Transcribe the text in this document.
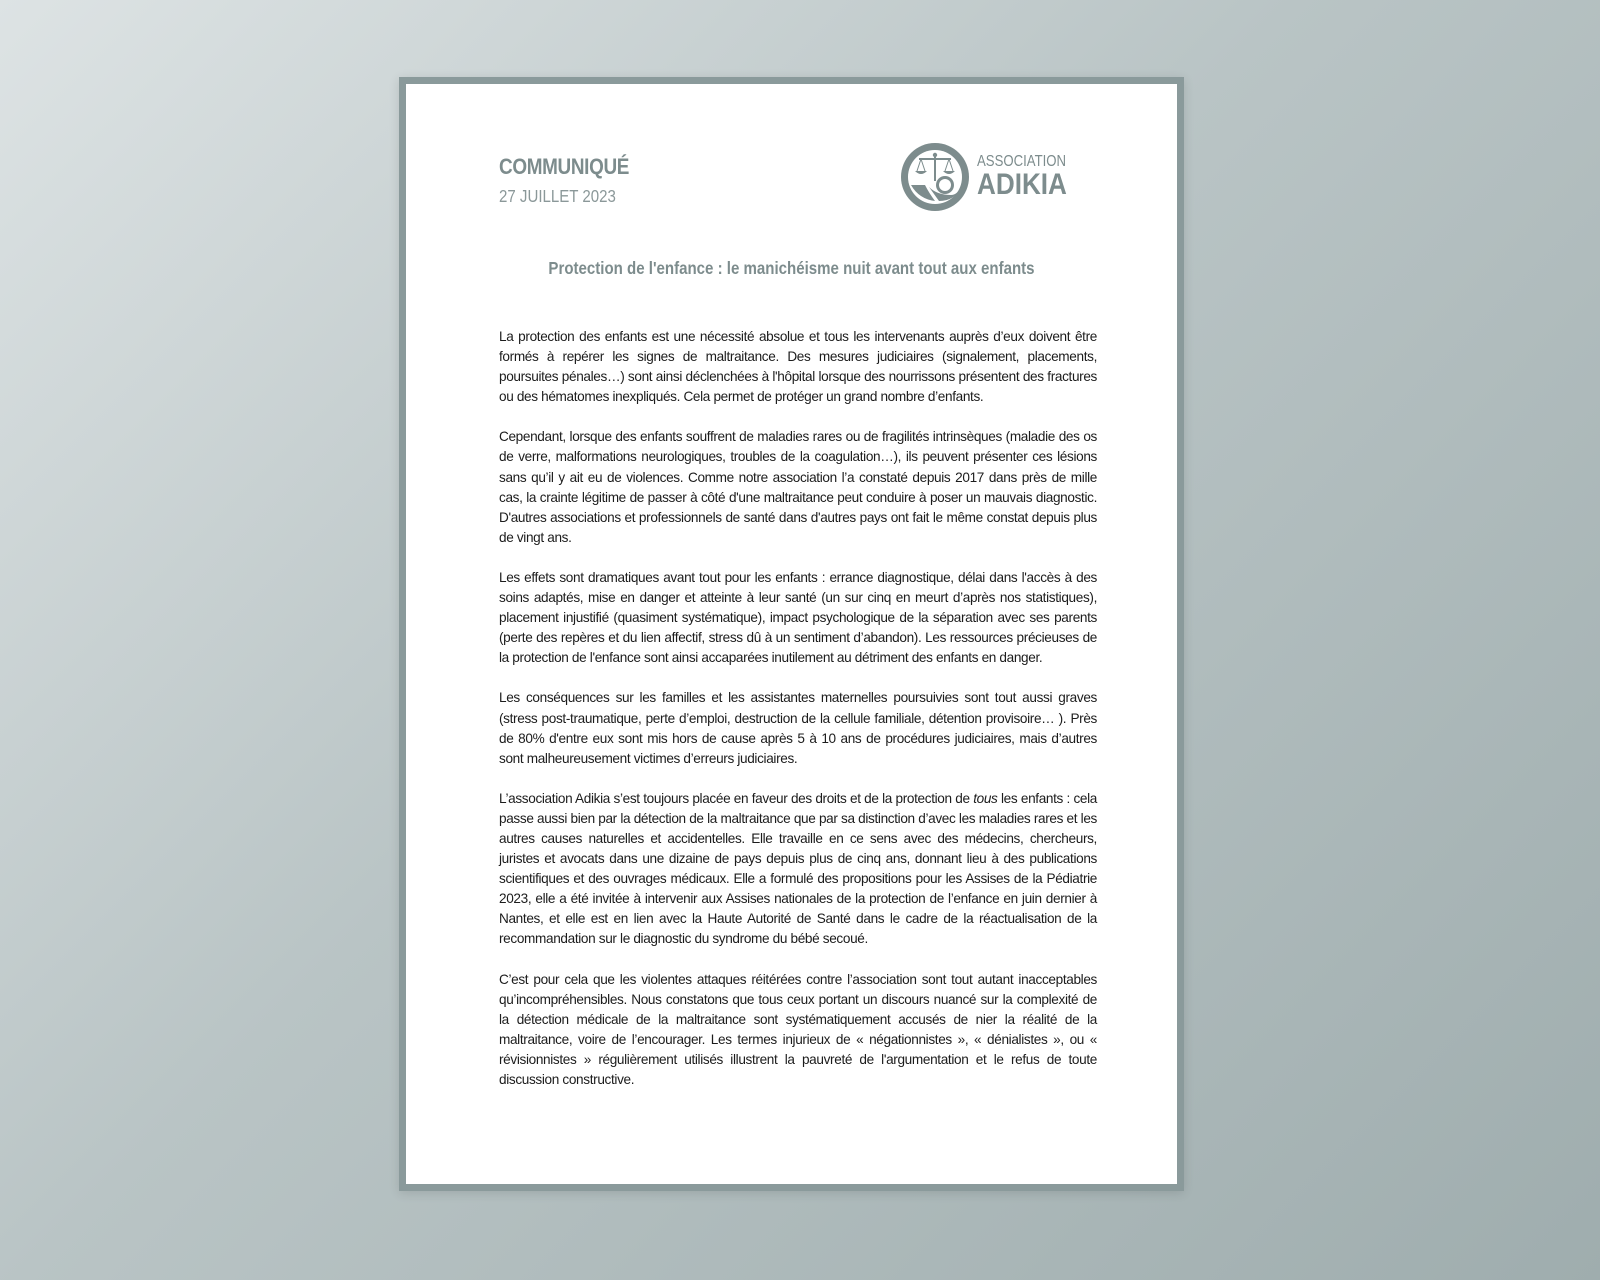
COMMUNIQUÉ
27 JUILLET 2023
ASSOCIATION
ADIKIA
Protection de l'enfance : le manichéisme nuit avant tout aux enfants

La protection des enfants est une nécessité absolue et tous les intervenants auprès d’eux doivent être formés à repérer les signes de maltraitance. Des mesures judiciaires (signalement, placements, poursuites pénales…) sont ainsi déclenchées à l'hôpital lorsque des nourrissons présentent des fractures ou des hématomes inexpliqués. Cela permet de protéger un grand nombre d’enfants.

Cependant, lorsque des enfants souffrent de maladies rares ou de fragilités intrinsèques (maladie des os de verre, malformations neurologiques, troubles de la coagulation…), ils peuvent présenter ces lésions sans qu’il y ait eu de violences. Comme notre association l’a constaté depuis 2017 dans près de mille cas, la crainte légitime de passer à côté d'une maltraitance peut conduire à poser un mauvais diagnostic. D'autres associations et professionnels de santé dans d'autres pays ont fait le même constat depuis plus de vingt ans.

Les effets sont dramatiques avant tout pour les enfants : errance diagnostique, délai dans l'accès à des soins adaptés, mise en danger et atteinte à leur santé (un sur cinq en meurt d’après nos statistiques), placement injustifié (quasiment systématique), impact psychologique de la séparation avec ses parents (perte des repères et du lien affectif, stress dû à un sentiment d’abandon). Les ressources précieuses de la protection de l'enfance sont ainsi accaparées inutilement au détriment des enfants en danger.

Les conséquences sur les familles et les assistantes maternelles poursuivies sont tout aussi graves (stress post-traumatique, perte d’emploi, destruction de la cellule familiale, détention provisoire… ). Près de 80% d'entre eux sont mis hors de cause après 5 à 10 ans de procédures judiciaires, mais d’autres sont malheureusement victimes d’erreurs judiciaires.

L’association Adikia s’est toujours placée en faveur des droits et de la protection de tous les enfants : cela passe aussi bien par la détection de la maltraitance que par sa distinction d’avec les maladies rares et les autres causes naturelles et accidentelles. Elle travaille en ce sens avec des médecins, chercheurs, juristes et avocats dans une dizaine de pays depuis plus de cinq ans, donnant lieu à des publications scientifiques et des ouvrages médicaux. Elle a formulé des propositions pour les Assises de la Pédiatrie 2023, elle a été invitée à intervenir aux Assises nationales de la protection de l’enfance en juin dernier à Nantes, et elle est en lien avec la Haute Autorité de Santé dans le cadre de la réactualisation de la recommandation sur le diagnostic du syndrome du bébé secoué.

C’est pour cela que les violentes attaques réitérées contre l’association sont tout autant inacceptables qu’incompréhensibles. Nous constatons que tous ceux portant un discours nuancé sur la complexité de la détection médicale de la maltraitance sont systématiquement accusés de nier la réalité de la maltraitance, voire de l’encourager. Les termes injurieux de « négationnistes », « dénialistes », ou « révisionnistes » régulièrement utilisés illustrent la pauvreté de l'argumentation et le refus de toute discussion constructive.
